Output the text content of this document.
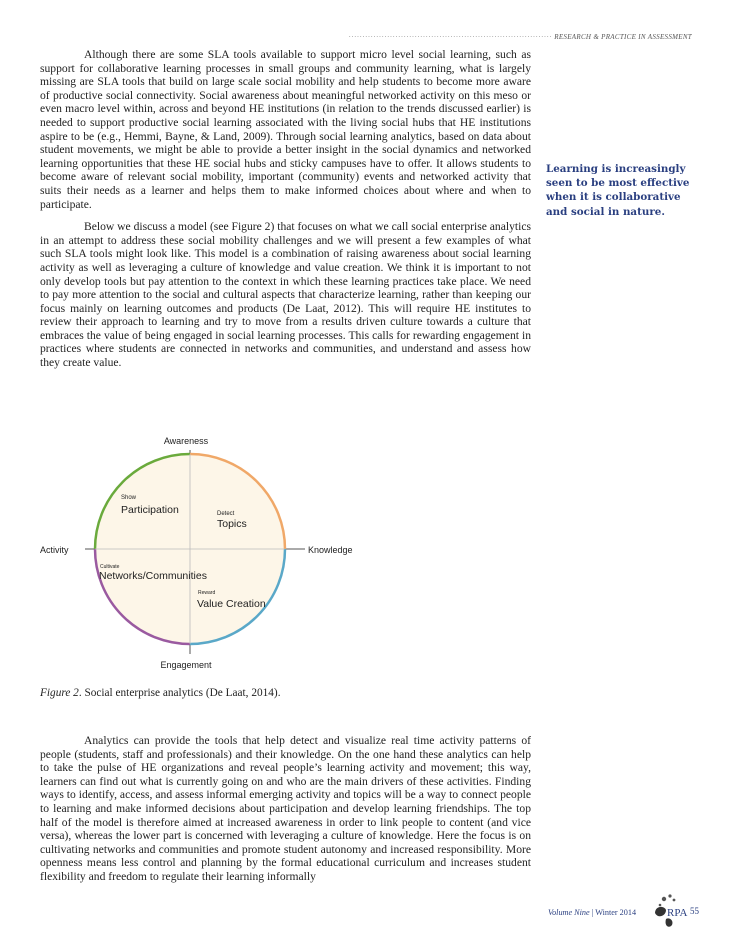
·········································································· RESEARCH & PRACTICE IN ASSESSMENT

Although there are some SLA tools available to support micro level social learning, such as support for collaborative learning processes in small groups and community learning, what is largely missing are SLA tools that build on large scale social mobility and help students to become more aware of productive social connectivity. Social awareness about meaningful networked activity on this meso or even macro level within, across and beyond HE institutions (in relation to the trends discussed earlier) is needed to support productive social learning associated with the living social hubs that HE institutions aspire to be (e.g., Hemmi, Bayne, & Land, 2009). Through social learning analytics, based on data about student movements, we might be able to provide a better insight in the social dynamics and networked learning opportunities that these HE social hubs and sticky campuses have to offer. It allows students to become aware of relevant social mobility, important (community) events and networked activity that suits their needs as a learner and helps them to make informed choices about where and when to participate.

Below we discuss a model (see Figure 2) that focuses on what we call social enterprise analytics in an attempt to address these social mobility challenges and we will present a few examples of what such SLA tools might look like. This model is a combination of raising awareness about social learning activity as well as leveraging a culture of knowledge and value creation. We think it is important to not only develop tools but pay attention to the context in which these learning practices take place. We need to pay more attention to the social and cultural aspects that characterize learning, rather than keeping our focus mainly on learning outcomes and products (De Laat, 2012). This will require HE institutes to review their approach to learning and try to move from a results driven culture towards a culture that embraces the value of being engaged in social learning processes. This calls for rewarding engagement in practices where students are connected in networks and communities, and understand and assess how they create value.

Learning is increasingly seen to be most effective when it is collaborative and social in nature.
Awareness
Engagement
Activity	Knowledge
Show
Participation	Detect
Topics
Cultivate
Networks/Communities
Reward
Value Creation
Figure 2. Social enterprise analytics (De Laat, 2014).

Analytics can provide the tools that help detect and visualize real time activity patterns of people (students, staff and professionals) and their knowledge. On the one hand these analytics can help to take the pulse of HE organizations and reveal people’s learning activity and movement; this way, learners can find out what is currently going on and who are the main drivers of these activities. Finding ways to identify, access, and assess informal emerging activity and topics will be a way to connect people to learning and make informed decisions about participation and develop learning friendships. The top half of the model is therefore aimed at increased awareness in order to link people to content (and vice versa), whereas the lower part is concerned with leveraging a culture of knowledge. Here the focus is on cultivating networks and communities and promote student autonomy and increased responsibility. More openness means less control and planning by the formal educational curriculum and increases student flexibility and freedom to regulate their learning informally

Volume Nine | Winter 2014	RPA 55
